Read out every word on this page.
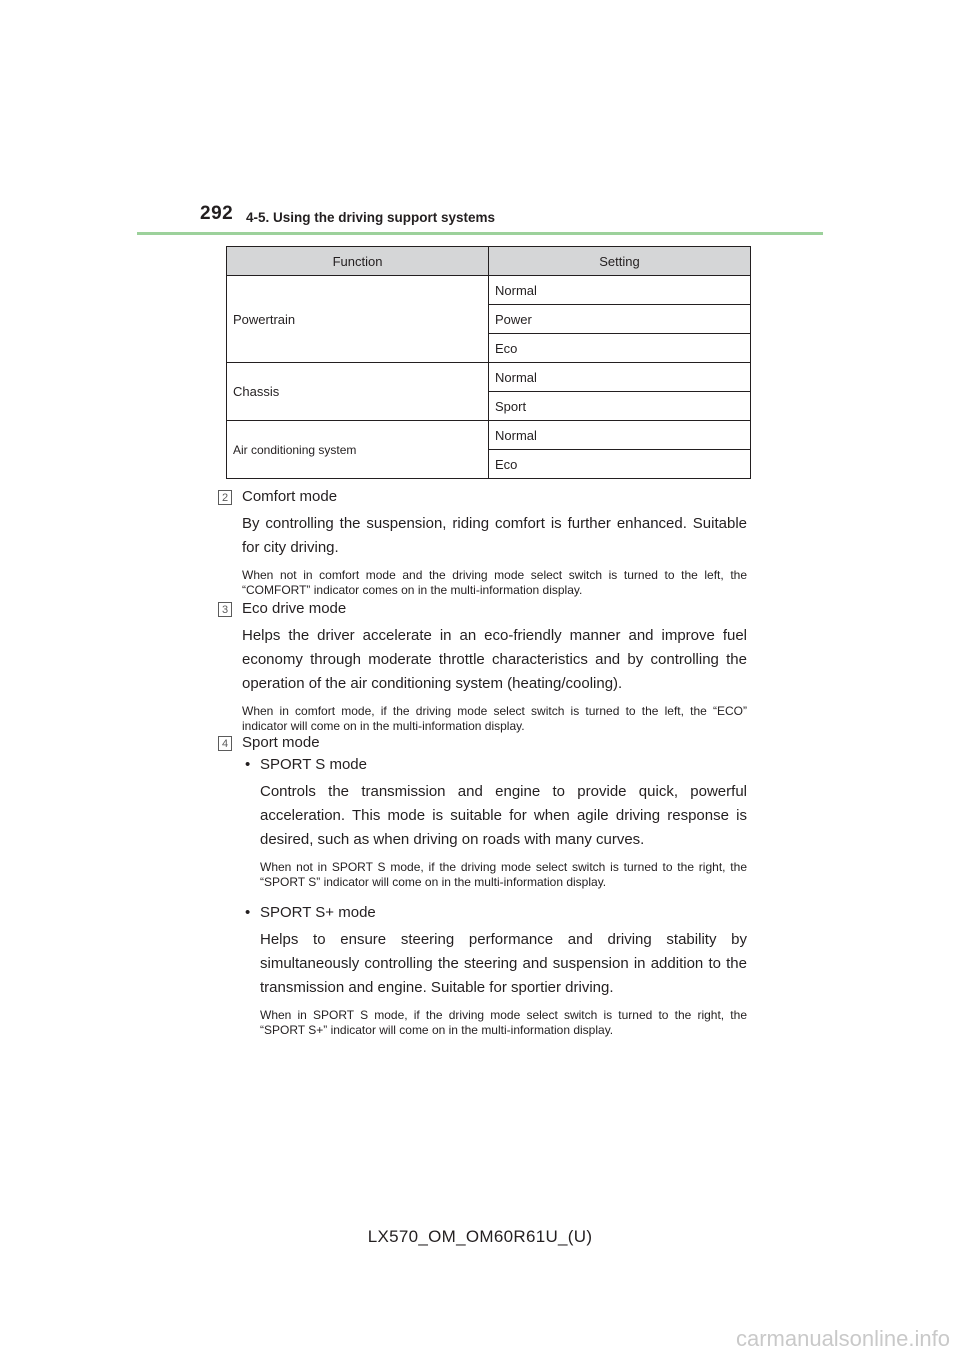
292 4-5. Using the driving support systems
Function	Setting
Powertrain	Normal
	Power
	Eco
Chassis	Normal
	Sport
Air conditioning system	Normal
	Eco
2 Comfort mode

By controlling the suspension, riding comfort is further enhanced. Suitable for city driving.

When not in comfort mode and the driving mode select switch is turned to the left, the “COMFORT” indicator comes on in the multi-information display.

3 Eco drive mode

Helps the driver accelerate in an eco-friendly manner and improve fuel economy through moderate throttle characteristics and by controlling the operation of the air conditioning system (heating/cooling).

When in comfort mode, if the driving mode select switch is turned to the left, the “ECO” indicator will come on in the multi-information display.

4 Sport mode

• SPORT S mode

Controls the transmission and engine to provide quick, powerful acceleration. This mode is suitable for when agile driving response is desired, such as when driving on roads with many curves.

When not in SPORT S mode, if the driving mode select switch is turned to the right, the “SPORT S” indicator will come on in the multi-information display.

• SPORT S+ mode

Helps to ensure steering performance and driving stability by simultaneously controlling the steering and suspension in addition to the transmission and engine. Suitable for sportier driving.

When in SPORT S mode, if the driving mode select switch is turned to the right, the “SPORT S+” indicator will come on in the multi-information display.

LX570_OM_OM60R61U_(U)
carmanualsonline.info
